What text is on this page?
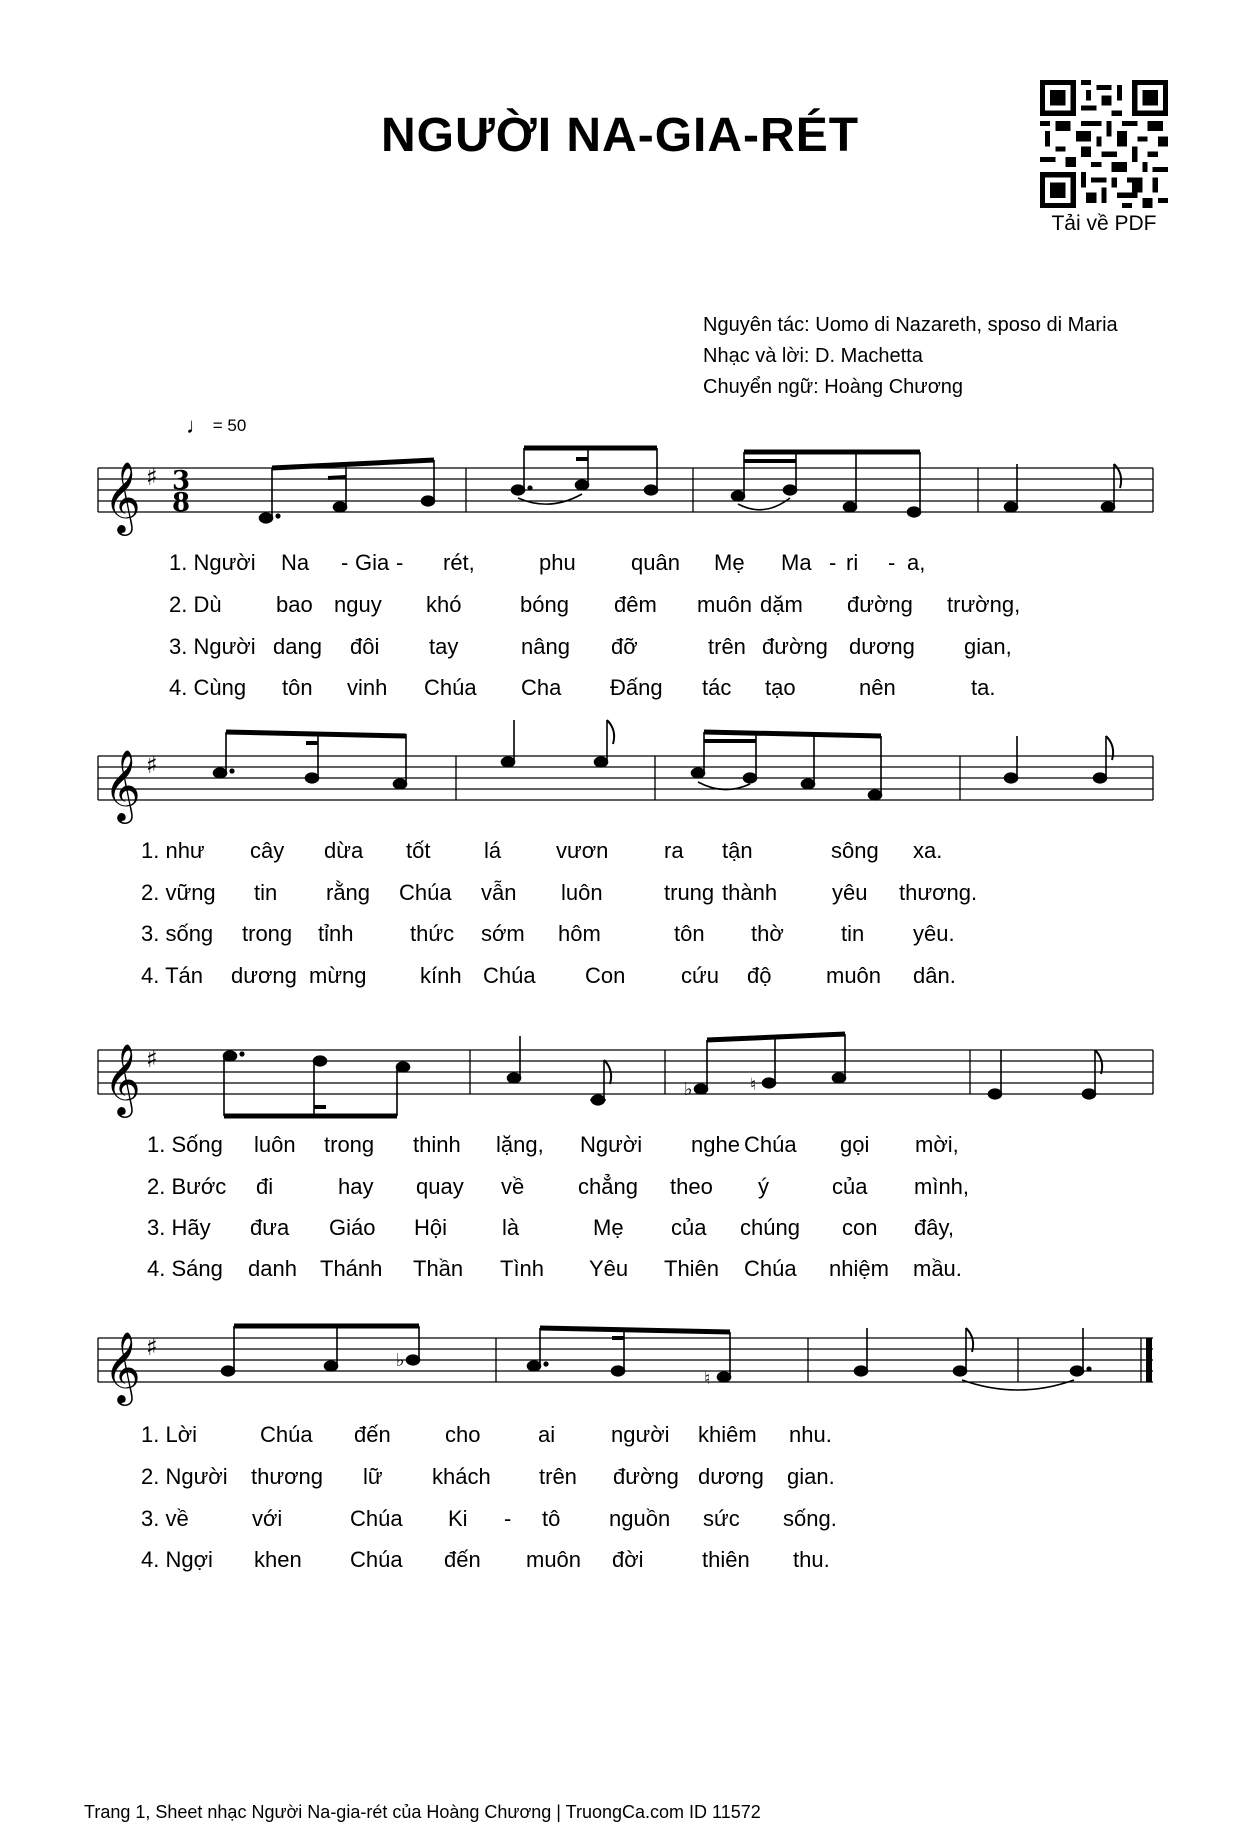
NGƯỜI NA-GIA-RÉT
Tải về PDF
Nguyên tác: Uomo di Nazareth, sposo di Maria
Nhạc và lời: D. Machetta
Chuyển ngữ: Hoàng Chương
♩ = 50
𝄞 ♯ 3
8
1. Người Na - Gia - rét,	phu	quân Mẹ Ma - ri - a,
2. Dù bao nguy khó	bóng đêm muôn dặm đường trường,
3. Người dang đôi tay	nâng đỡ	trên đường dương gian,
4. Cùng tôn vinh Chúa Cha Đấng tác tạo	nên	ta.
𝄞 ♯
1. như cây dừa tốt lá vươn	ra tận	sông xa.
2. vững tin rằng Chúa vẫn luôn	trung thành yêu thương.
3. sống trong tỉnh	thức sớm hôm	tôn thờ	tin yêu.
4. Tán dương mừng kính Chúa Con	cứu độ muôn dân.
𝄞 ♯
♭	♮
1. Sống luôn trong thinh lặng, Người nghe Chúa gọi mời,
2. Bước đi	hay quay về chẳng theo ý	của mình,
3. Hãy đưa Giáo Hội là	Mẹ của chúng con đây,
4. Sáng danh Thánh Thần Tình Yêu Thiên Chúa nhiệm mầu.
𝄞 ♯	♭
♮
1. Lời	Chúa đến cho	ai	người khiêm nhu.
2. Người thương lữ khách trên đường dương gian.
3. về	với	Chúa Ki - tô nguồn sức sống.
4. Ngợi khen Chúa đến muôn đời	thiên thu.
Trang 1, Sheet nhạc Người Na-gia-rét của Hoàng Chương | TruongCa.com ID 11572
